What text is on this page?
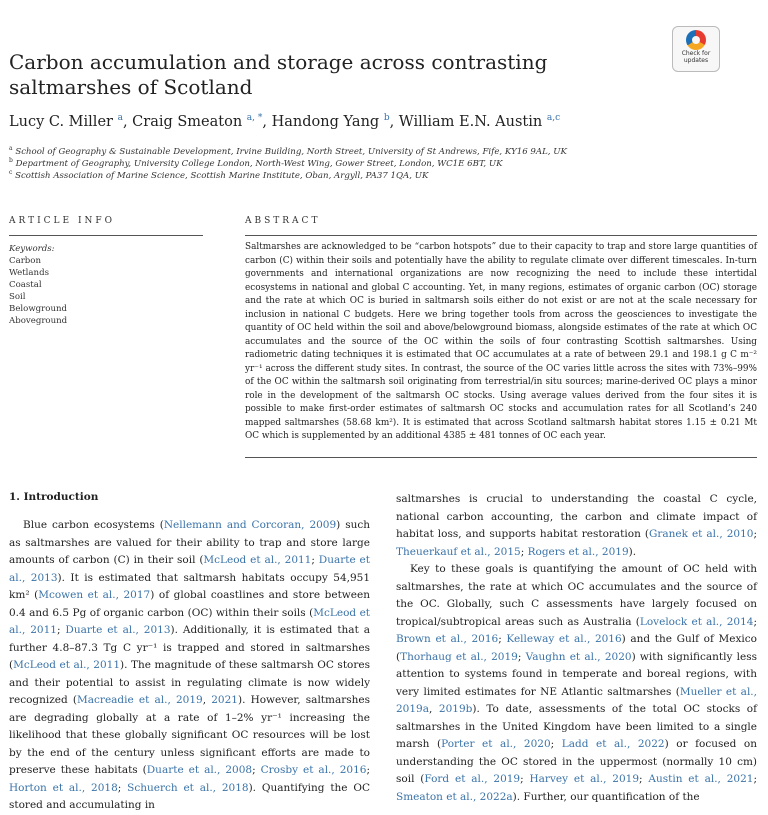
Carbon accumulation and storage across contrasting saltmarshes of Scotland
Check for
updates
Lucy C. Miller $^a$, Craig Smeaton $^{a, *}$, Handong Yang $^b$, William E.N. Austin $^{a,c}$
$^a$ School of Geography & Sustainable Development, Irvine Building, North Street, University of St Andrews, Fife, KY16 9AL, UK
$^b$ Department of Geography, University College London, North-West Wing, Gower Street, London, WC1E 6BT, UK
$^c$ Scottish Association of Marine Science, Scottish Marine Institute, Oban, Argyll, PA37 1QA, UK
ARTICLE INFO	ABSTRACT
Keywords:
Carbon
Wetlands
Coastal
Soil
Belowground
Aboveground

Saltmarshes are acknowledged to be “carbon hotspots” due to their capacity to trap and store large quantities of carbon (C) within their soils and potentially have the ability to regulate climate over different timescales. In-turn governments and international organizations are now recognizing the need to include these intertidal ecosystems in national and global C accounting. Yet, in many regions, estimates of organic carbon (OC) storage and the rate at which OC is buried in saltmarsh soils either do not exist or are not at the scale necessary for inclusion in national C budgets. Here we bring together tools from across the geosciences to investigate the quantity of OC held within the soil and above/belowground biomass, alongside estimates of the rate at which OC accumulates and the source of the OC within the soils of four contrasting Scottish saltmarshes. Using radiometric dating techniques it is estimated that OC accumulates at a rate of between 29.1 and 198.1 g C m⁻² yr⁻¹ across the different study sites. In contrast, the source of the OC varies little across the sites with 73%–99% of the OC within the saltmarsh soil originating from terrestrial/in situ sources; marine-derived OC plays a minor role in the development of the saltmarsh OC stocks. Using average values derived from the four sites it is possible to make first-order estimates of saltmarsh OC stocks and accumulation rates for all Scotland’s 240 mapped saltmarshes (58.68 km²). It is estimated that across Scotland saltmarsh habitat stores 1.15 ± 0.21 Mt OC which is supplemented by an additional 4385 ± 481 tonnes of OC each year.

1. Introduction

Blue carbon ecosystems (Nellemann and Corcoran, 2009) such as saltmarshes are valued for their ability to trap and store large amounts of carbon (C) in their soil (McLeod et al., 2011; Duarte et al., 2013). It is estimated that saltmarsh habitats occupy 54,951 km² (Mcowen et al., 2017) of global coastlines and store between 0.4 and 6.5 Pg of organic carbon (OC) within their soils (McLeod et al., 2011; Duarte et al., 2013). Additionally, it is estimated that a further 4.8–87.3 Tg C yr⁻¹ is trapped and stored in saltmarshes (McLeod et al., 2011). The magnitude of these saltmarsh OC stores and their potential to assist in regulating climate is now widely recognized (Macreadie et al., 2019, 2021). However, saltmarshes are degrading globally at a rate of 1–2% yr⁻¹ increasing the likelihood that these globally significant OC resources will be lost by the end of the century unless significant efforts are made to preserve these habitats (Duarte et al., 2008; Crosby et al., 2016; Horton et al., 2018; Schuerch et al., 2018). Quantifying the OC stored and accumulating in

saltmarshes is crucial to understanding the coastal C cycle, national carbon accounting, the carbon and climate impact of habitat loss, and supports habitat restoration (Granek et al., 2010; Theuerkauf et al., 2015; Rogers et al., 2019).

Key to these goals is quantifying the amount of OC held with saltmarshes, the rate at which OC accumulates and the source of the OC. Globally, such C assessments have largely focused on tropical/subtropical areas such as Australia (Lovelock et al., 2014; Brown et al., 2016; Kelleway et al., 2016) and the Gulf of Mexico (Thorhaug et al., 2019; Vaughn et al., 2020) with significantly less attention to systems found in temperate and boreal regions, with very limited estimates for NE Atlantic saltmarshes (Mueller et al., 2019a, 2019b). To date, assessments of the total OC stocks of saltmarshes in the United Kingdom have been limited to a single marsh (Porter et al., 2020; Ladd et al., 2022) or focused on understanding the OC stored in the uppermost (normally 10 cm) soil (Ford et al., 2019; Harvey et al., 2019; Austin et al., 2021; Smeaton et al., 2022a). Further, our quantification of the
